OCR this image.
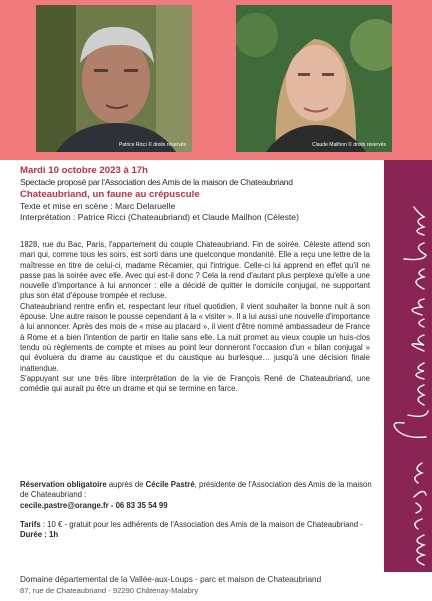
Patrice Ricci © droits réservés	Claude Mailhon © droits réservés
Mardi 10 octobre 2023 à 17h
Spectacle proposé par l'Association des Amis de la maison de Chateaubriand
Chateaubriand, un faune au crépuscule
Texte et mise en scène : Marc Delaruelle
Interprétation : Patrice Ricci (Chateaubriand) et Claude Mailhon (Céleste)

1828, rue du Bac, Paris, l'appartement du couple Chateaubriand. Fin de soirée. Céleste attend son mari qui, comme tous les soirs, est sorti dans une quelconque mondanité. Elle a reçu une lettre de la maîtresse en titre de celui-ci, madame Récamier, qui l'intrigue. Celle-ci lui apprend en effet qu'il ne passe pas la soirée avec elle. Avec qui est-il donc ? Cela la rend d'autant plus perplexe qu'elle a une nouvelle d'importance à lui annoncer : elle a décidé de quitter le domicile conjugal, ne supportant plus son état d'épouse trompée et recluse.

Chateaubriand rentre enfin et, respectant leur rituel quotidien, il vient souhaiter la bonne nuit à son épouse. Une autre raison le pousse cependant à la « visiter ». Il a lui aussi une nouvelle d'importance à lui annoncer. Après des mois de « mise au placard », il vient d'être nommé ambassadeur de France à Rome et a bien l'intention de partir en Italie sans elle. La nuit promet au vieux couple un huis-clos tendu où règlements de compte et mises au point leur donneront l'occasion d'un « bilan conjugal » qui évoluera du drame au caustique et du caustique au burlesque… jusqu'à une décision finale inattendue.

S'appuyant sur une très libre interprétation de la vie de François René de Chateaubriand, une comédie qui aurait pu être un drame et qui se termine en farce.

Réservation obligatoire auprès de Cécile Pastré, présidente de l'Association des Amis de la maison de Chateaubriand :
cecile.pastre@orange.fr - 06 83 35 54 99
Tarifs : 10 € - gratuit pour les adhérents de l'Association des Amis de la maison de Chateaubriand - Durée : 1h
Domaine départemental de la Vallée-aux-Loups - parc et maison de Chateaubriand
87, rue de Chateaubriand - 92290 Châtenay-Malabry
